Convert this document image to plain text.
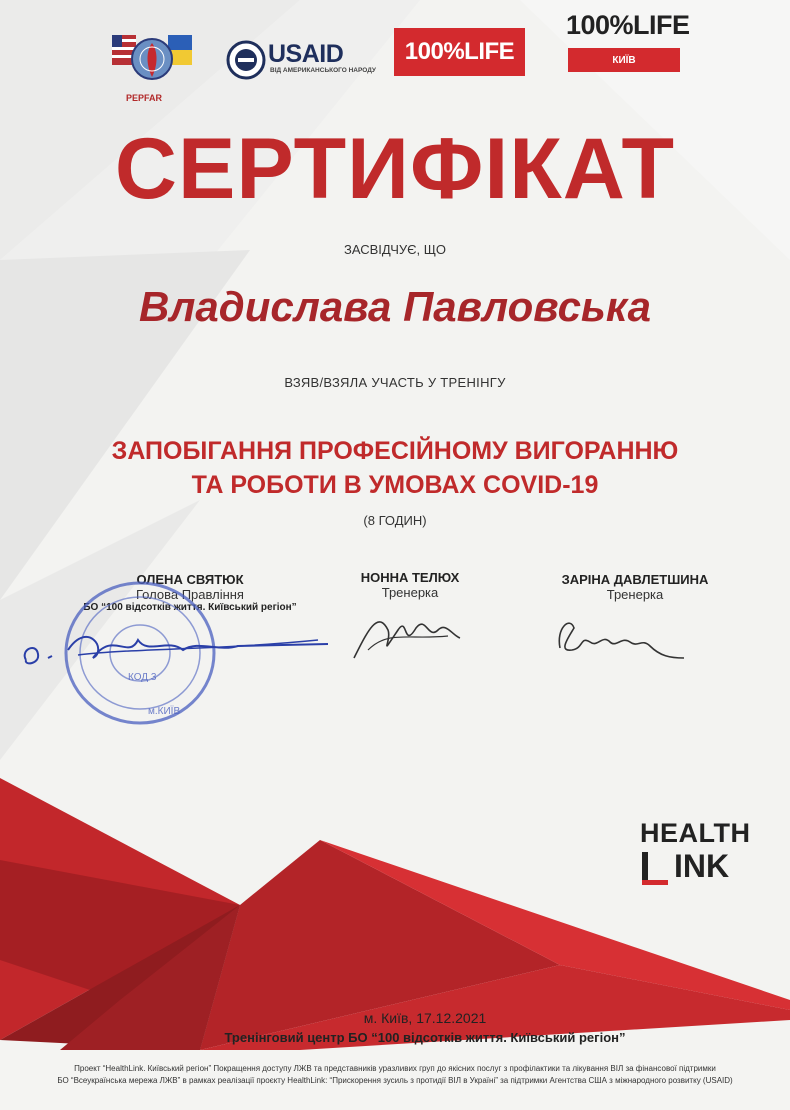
PEPFAR
USAID
ВІД АМЕРИКАНСЬКОГО НАРОДУ
100%LIFE
100%LIFE
КИЇВ
СЕРТИФІКАТ
ЗАСВІДЧУЄ, ЩО
Владислава Павловська
ВЗЯВ/ВЗЯЛА УЧАСТЬ У ТРЕНІНГУ
ЗАПОБІГАННЯ ПРОФЕСІЙНОМУ ВИГОРАННЮ
ТА РОБОТИ В УМОВАХ COVID-19
(8 ГОДИН)
ОЛЕНА СВЯТЮК
Голова Правління
БО “100 відсотків життя. Київський регіон”
НОННА ТЕЛЮХ
Тренерка
ЗАРІНА ДАВЛЕТШИНА
Тренерка
КОД 3
м.КИЇВ
HEALTH
INK
м. Київ, 17.12.2021
Тренінговий центр БО “100 відсотків життя. Київський регіон”
Проект “HealthLink. Київський регіон” Покращення доступу ЛЖВ та представників уразливих груп до якісних послуг з профілактики та лікування ВІЛ за фінансової підтримки
БО “Всеукраїнська мережа ЛЖВ” в рамках реалізації проєкту HealthLink: “Прискорення зусиль з протидії ВІЛ в Україні” за підтримки Агентства США з міжнародного розвитку (USAID)
